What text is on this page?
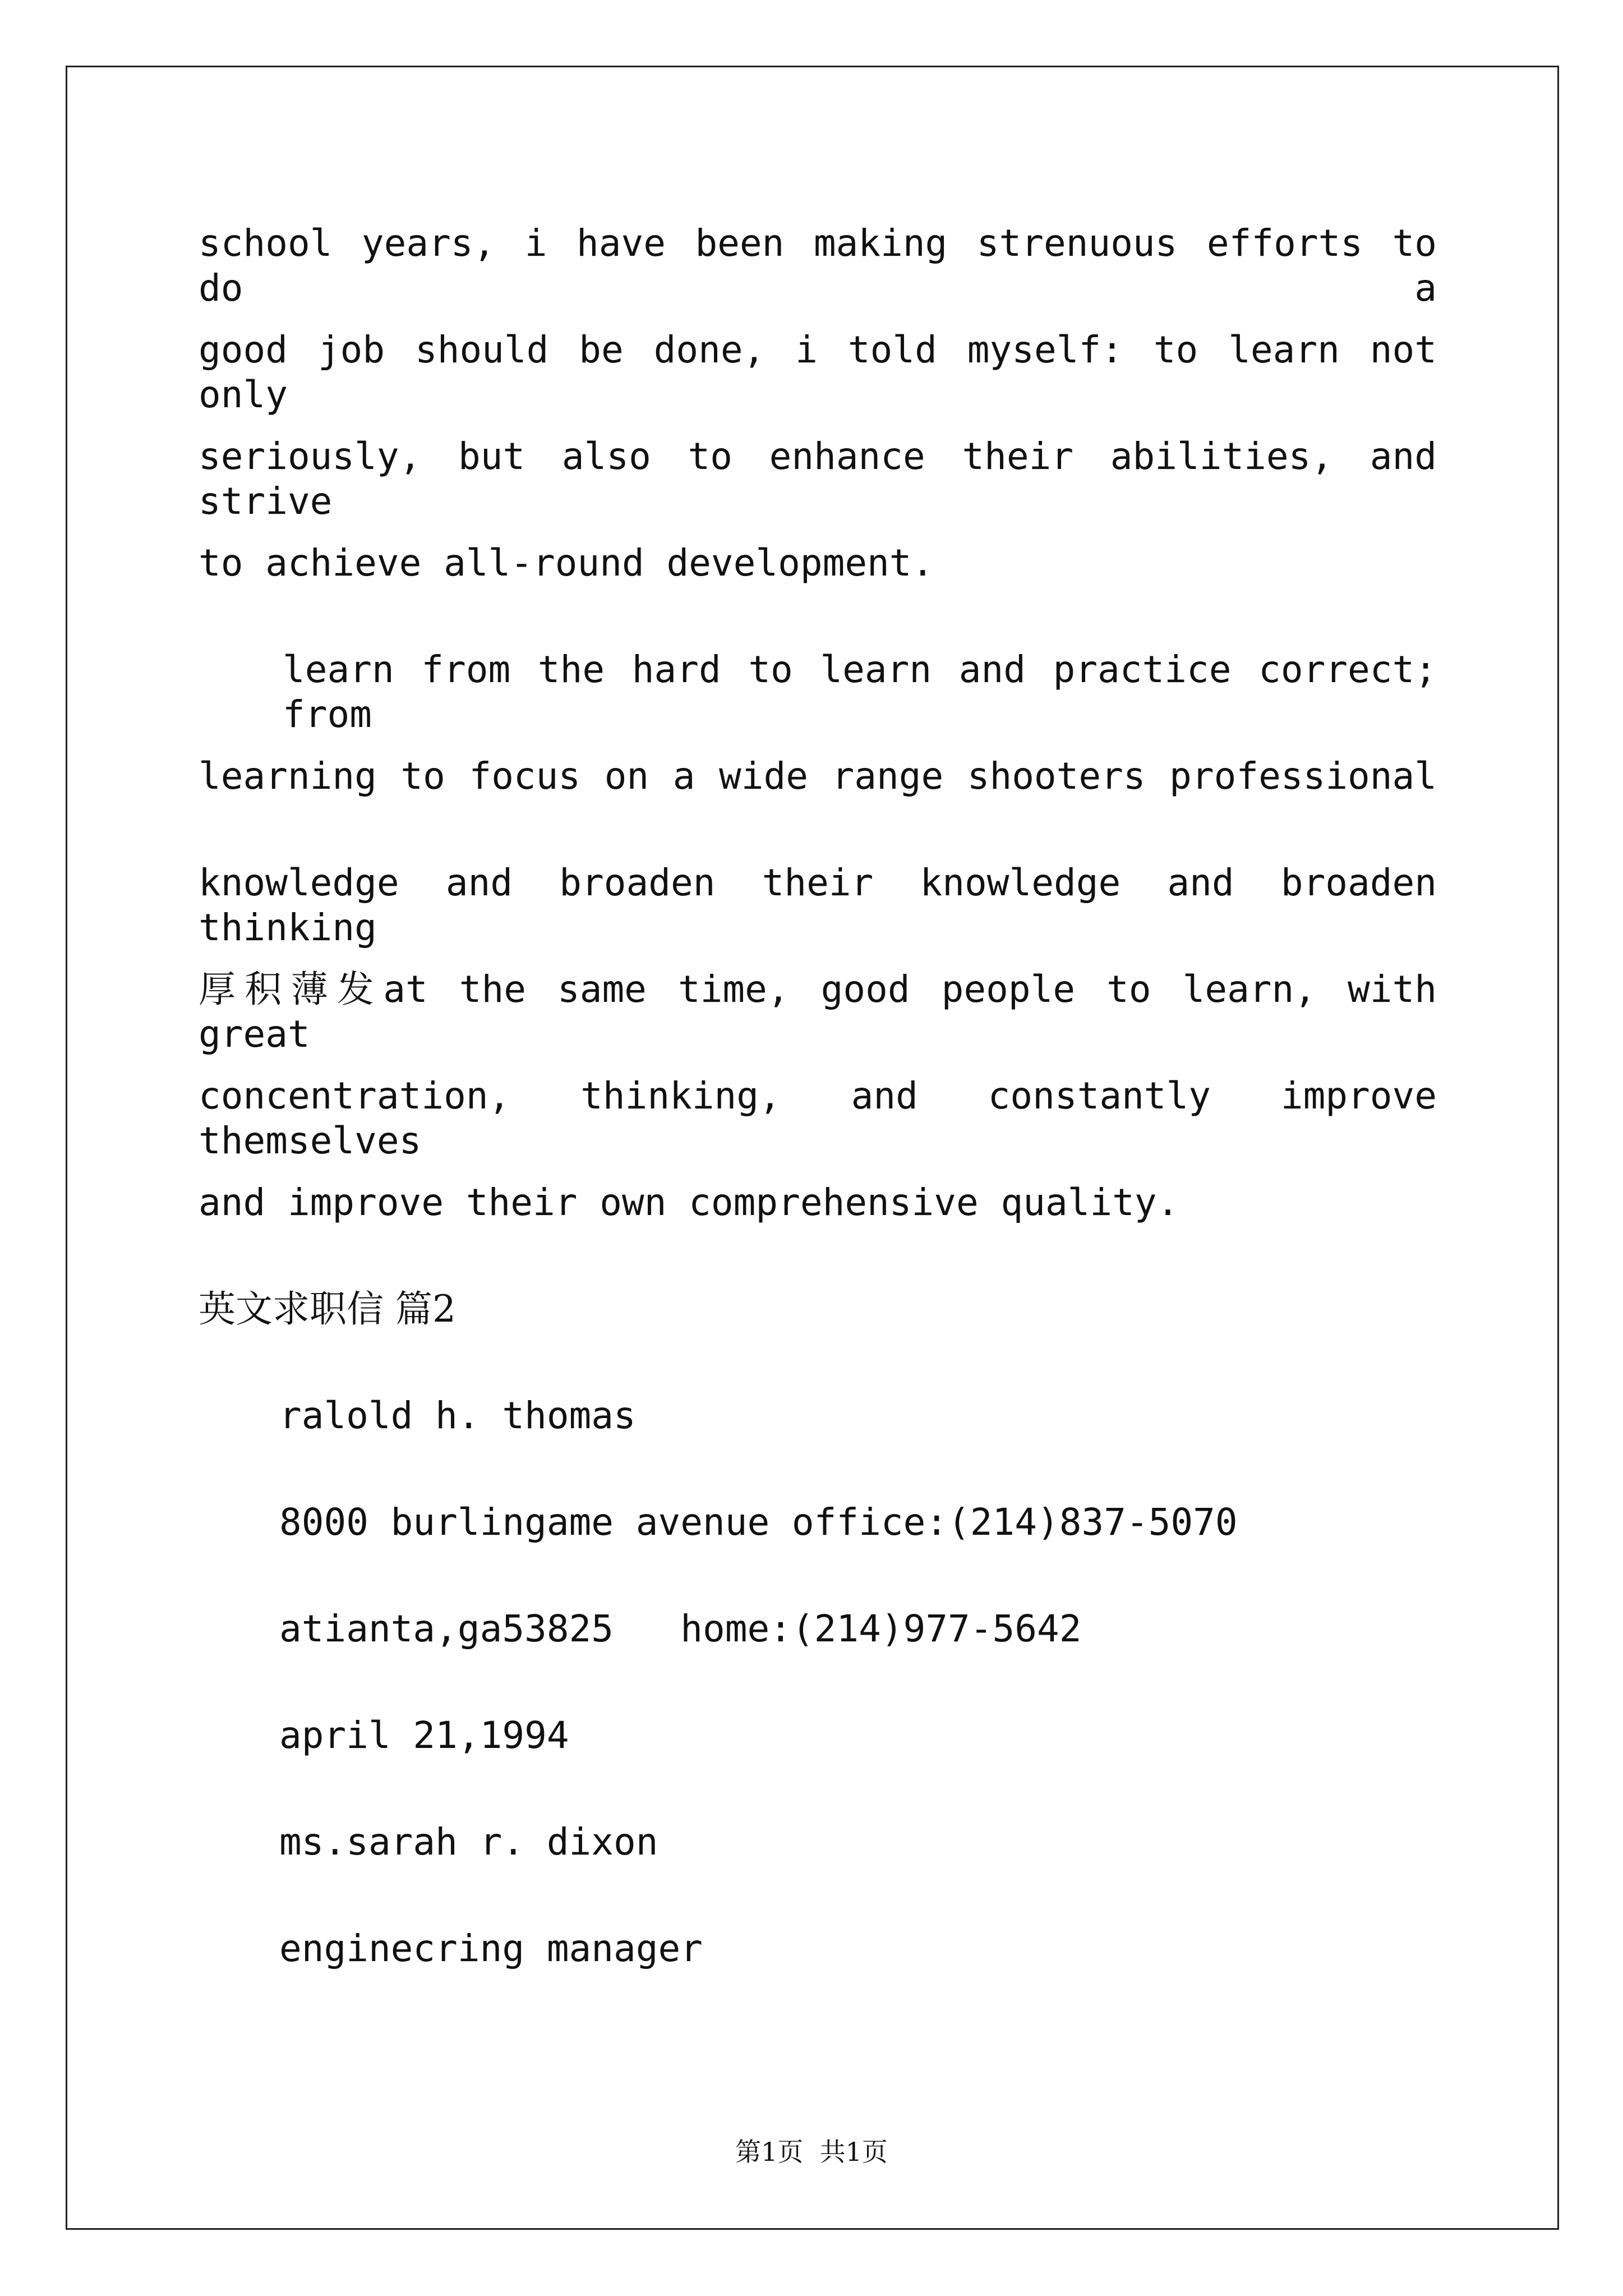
school years, i have been making strenuous efforts to do a
good job should be done, i told myself: to learn not only
seriously, but also to enhance their abilities, and strive
to achieve all-round development.
learn from the hard to learn and practice correct; from
learning to focus on a wide range shooters professional
knowledge and broaden their knowledge and broaden thinking
厚积薄发at the same time, good people to learn, with great
concentration, thinking, and constantly improve themselves
and improve their own comprehensive quality.
英文求职信 篇2
ralold h. thomas
8000 burlingame avenue office:(214)837-5070
atianta,ga53825   home:(214)977-5642
april 21,1994
ms.sarah r. dixon
enginecring manager
第1页  共1页
